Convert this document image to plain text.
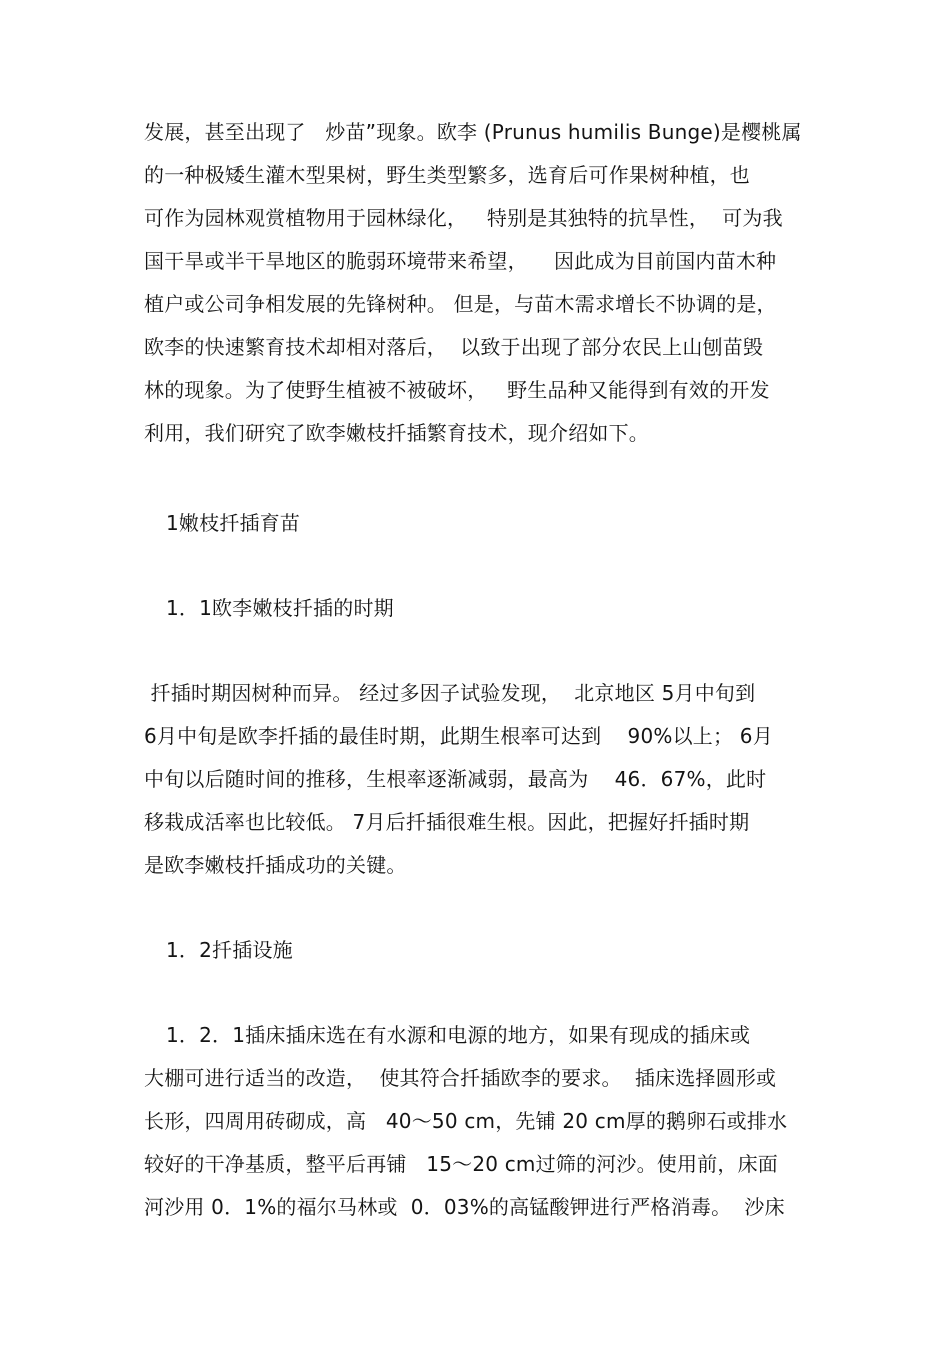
发展，甚至出现了   炒苗”现象。欧李 (Prunus humilis Bunge)是樱桃属
的一种极矮生灌木型果树，野生类型繁多，选育后可作果树种植，也
可作为园林观赏植物用于园林绿化，   特别是其独特的抗旱性，  可为我
国干旱或半干旱地区的脆弱环境带来希望，    因此成为目前国内苗木种
植户或公司争相发展的先锋树种。 但是，与苗木需求增长不协调的是，
欧李的快速繁育技术却相对落后，  以致于出现了部分农民上山刨苗毁
林的现象。为了使野生植被不被破坏，   野生品种又能得到有效的开发
利用，我们研究了欧李嫩枝扦插繁育技术，现介绍如下。
1嫩枝扦插育苗
1．1欧李嫩枝扦插的时期
扦插时期因树种而异。 经过多因子试验发现，  北京地区 5月中旬到
6月中旬是欧李扦插的最佳时期，此期生根率可达到    90%以上； 6月
中旬以后随时间的推移，生根率逐渐减弱，最高为    46．67%，此时
移栽成活率也比较低。 7月后扦插很难生根。因此，把握好扦插时期
是欧李嫩枝扦插成功的关键。
1．2扦插设施
1．2．1插床插床选在有水源和电源的地方，如果有现成的插床或
大棚可进行适当的改造，  使其符合扦插欧李的要求。  插床选择圆形或
长形，四周用砖砌成，高   40～50 cm，先铺 20 cm厚的鹅卵石或排水
较好的干净基质，整平后再铺   15～20 cm过筛的河沙。使用前，床面
河沙用 0．1%的福尔马林或  0．03%的高锰酸钾进行严格消毒。  沙床
